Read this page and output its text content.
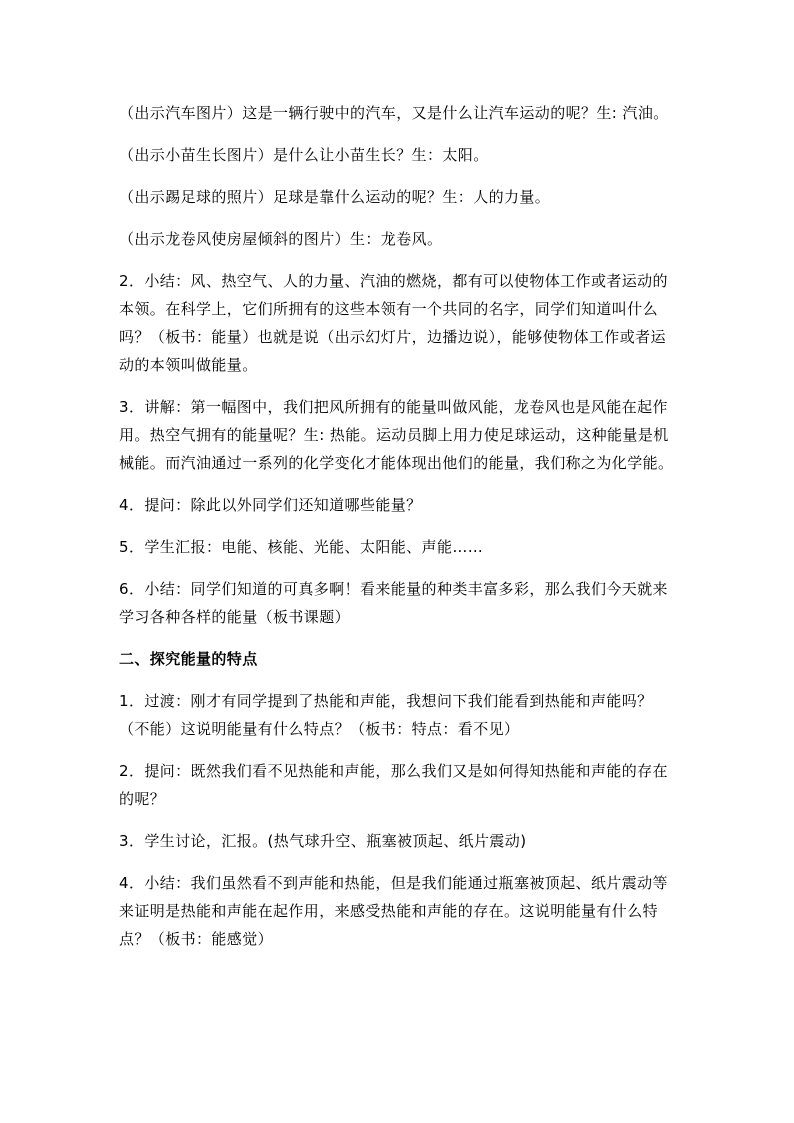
（出示汽车图片）这是一辆行驶中的汽车，又是什么让汽车运动的呢？生: 汽油。

（出示小苗生长图片）是什么让小苗生长？生：太阳。

（出示踢足球的照片）足球是靠什么运动的呢？生：人的力量。

（出示龙卷风使房屋倾斜的图片）生：龙卷风。

2．小结：风、热空气、人的力量、汽油的燃烧，都有可以使物体工作或者运动的本领。在科学上，它们所拥有的这些本领有一个共同的名字，同学们知道叫什么吗？（板书：能量）也就是说（出示幻灯片，边播边说），能够使物体工作或者运动的本领叫做能量。

3．讲解：第一幅图中，我们把风所拥有的能量叫做风能，龙卷风也是风能在起作用。热空气拥有的能量呢？生: 热能。运动员脚上用力使足球运动，这种能量是机械能。而汽油通过一系列的化学变化才能体现出他们的能量，我们称之为化学能。

4．提问：除此以外同学们还知道哪些能量？

5．学生汇报：电能、核能、光能、太阳能、声能……

6．小结：同学们知道的可真多啊！看来能量的种类丰富多彩，那么我们今天就来学习各种各样的能量（板书课题）

二、探究能量的特点

1．过渡：刚才有同学提到了热能和声能，我想问下我们能看到热能和声能吗？（不能）这说明能量有什么特点？（板书：特点：看不见）

2．提问：既然我们看不见热能和声能，那么我们又是如何得知热能和声能的存在的呢？

3．学生讨论，汇报。(热气球升空、瓶塞被顶起、纸片震动)

4．小结：我们虽然看不到声能和热能，但是我们能通过瓶塞被顶起、纸片震动等来证明是热能和声能在起作用，来感受热能和声能的存在。这说明能量有什么特点？（板书：能感觉）
